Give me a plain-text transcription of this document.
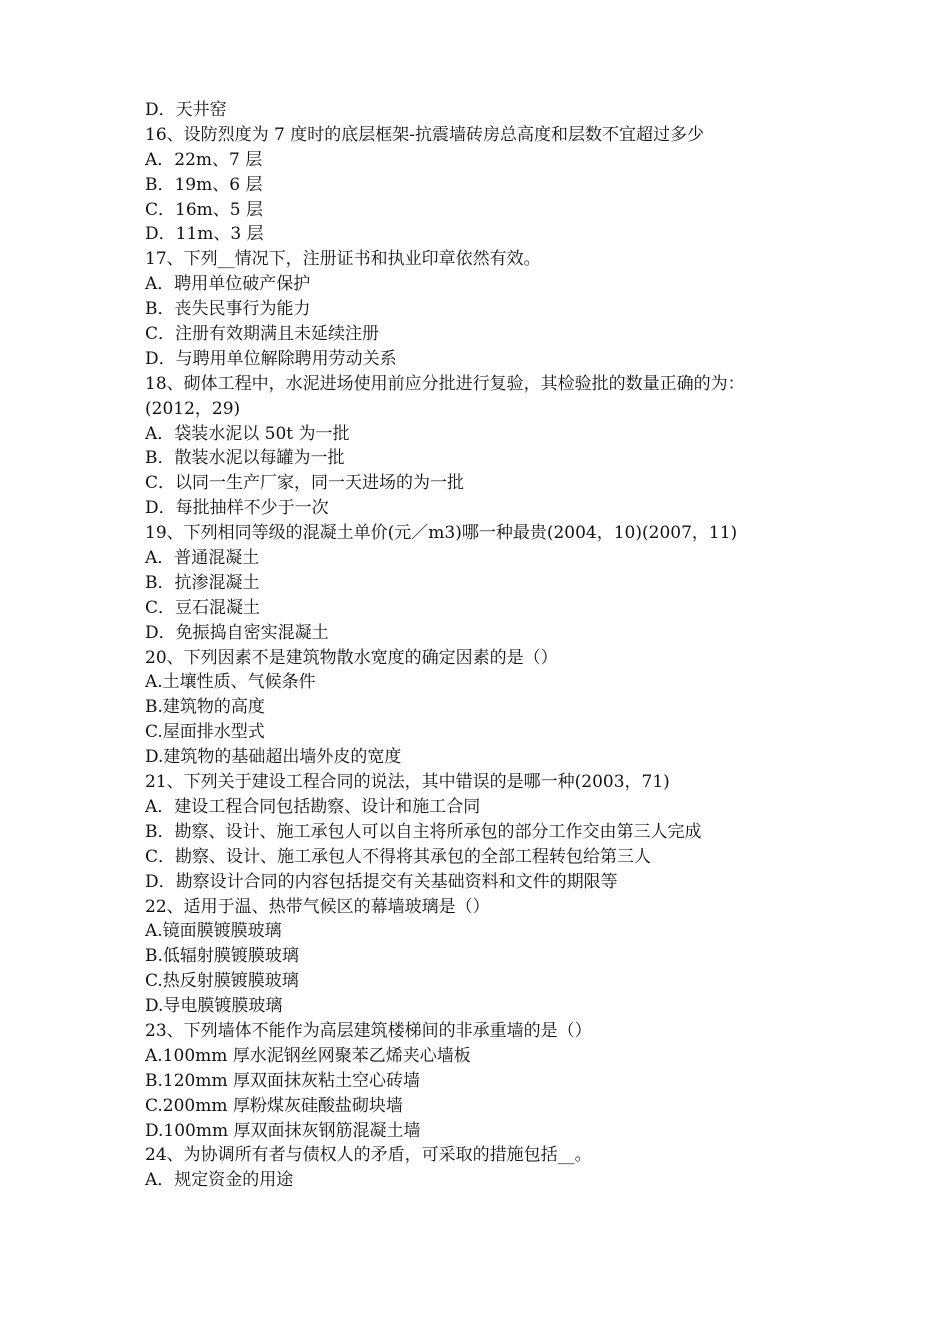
D．天井窑
16、设防烈度为 7 度时的底层框架-抗震墙砖房总高度和层数不宜超过多少
A．22m、7 层
B．19m、6 层
C．16m、5 层
D．11m、3 层
17、下列__情况下，注册证书和执业印章依然有效。
A．聘用单位破产保护
B．丧失民事行为能力
C．注册有效期满且未延续注册
D．与聘用单位解除聘用劳动关系
18、砌体工程中，水泥进场使用前应分批进行复验，其检验批的数量正确的为：
(2012，29)
A．袋装水泥以 50t 为一批
B．散装水泥以每罐为一批
C．以同一生产厂家，同一天进场的为一批
D．每批抽样不少于一次
19、下列相同等级的混凝土单价(元／m3)哪一种最贵(2004，10)(2007，11)
A．普通混凝土
B．抗渗混凝土
C．豆石混凝土
D．免振捣自密实混凝土
20、下列因素不是建筑物散水宽度的确定因素的是（）
A.土壤性质、气候条件
B.建筑物的高度
C.屋面排水型式
D.建筑物的基础超出墙外皮的宽度
21、下列关于建设工程合同的说法，其中错误的是哪一种(2003，71)
A．建设工程合同包括勘察、设计和施工合同
B．勘察、设计、施工承包人可以自主将所承包的部分工作交由第三人完成
C．勘察、设计、施工承包人不得将其承包的全部工程转包给第三人
D．勘察设计合同的内容包括提交有关基础资料和文件的期限等
22、适用于温、热带气候区的幕墙玻璃是（）
A.镜面膜镀膜玻璃
B.低辐射膜镀膜玻璃
C.热反射膜镀膜玻璃
D.导电膜镀膜玻璃
23、下列墙体不能作为高层建筑楼梯间的非承重墙的是（）
A.100mm 厚水泥钢丝网聚苯乙烯夹心墙板
B.120mm 厚双面抹灰粘土空心砖墙
C.200mm 厚粉煤灰硅酸盐砌块墙
D.100mm 厚双面抹灰钢筋混凝土墙
24、为协调所有者与债权人的矛盾，可采取的措施包括__。
A．规定资金的用途
